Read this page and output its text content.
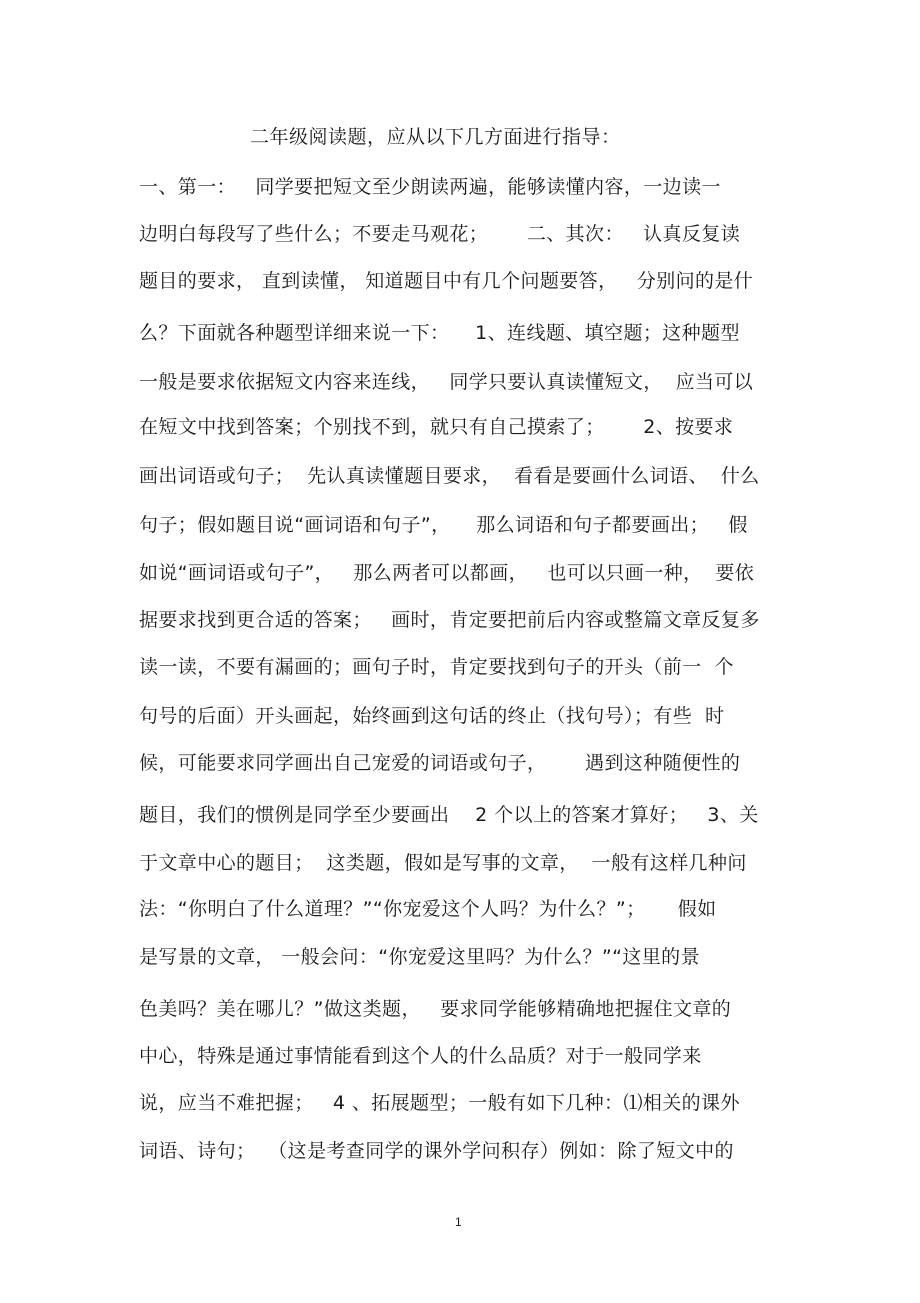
二年级阅读题，应从以下几方面进行指导：
一、第一：   同学要把短文至少朗读两遍，能够读懂内容，一边读一
边明白每段写了些什么；不要走马观花；      二、其次：   认真反复读
题目的要求， 直到读懂， 知道题目中有几个问题要答，   分别问的是什
么？下面就各种题型详细来说一下：    1、连线题、填空题；这种题型
一般是要求依据短文内容来连线，   同学只要认真读懂短文，  应当可以
在短文中找到答案；个别找不到，就只有自己摸索了；      2、按要求
画出词语或句子；  先认真读懂题目要求，  看看是要画什么词语、  什么
句子；假如题目说“画词语和句子”，    那么词语和句子都要画出；   假
如说“画词语或句子”，   那么两者可以都画，   也可以只画一种，  要依
据要求找到更合适的答案；   画时，肯定要把前后内容或整篇文章反复多
读一读，不要有漏画的；画句子时，肯定要找到句子的开头（前一  个
句号的后面）开头画起，始终画到这句话的终止（找句号）；有些  时
候，可能要求同学画出自己宠爱的词语或句子，      遇到这种随便性的
题目，我们的惯例是同学至少要画出    2 个以上的答案才算好；   3、关
于文章中心的题目；  这类题，假如是写事的文章，  一般有这样几种问
法：“你明白了什么道理？”“你宠爱这个人吗？为什么？”；     假如
是写景的文章， 一般会问：“你宠爱这里吗？为什么？”“这里的景
色美吗？美在哪儿？”做这类题，   要求同学能够精确地把握住文章的
中心，特殊是通过事情能看到这个人的什么品质？对于一般同学来
说，应当不难把握；   4 、拓展题型；一般有如下几种：⑴相关的课外
词语、诗句；  （这是考查同学的课外学问积存）例如：除了短文中的
1
